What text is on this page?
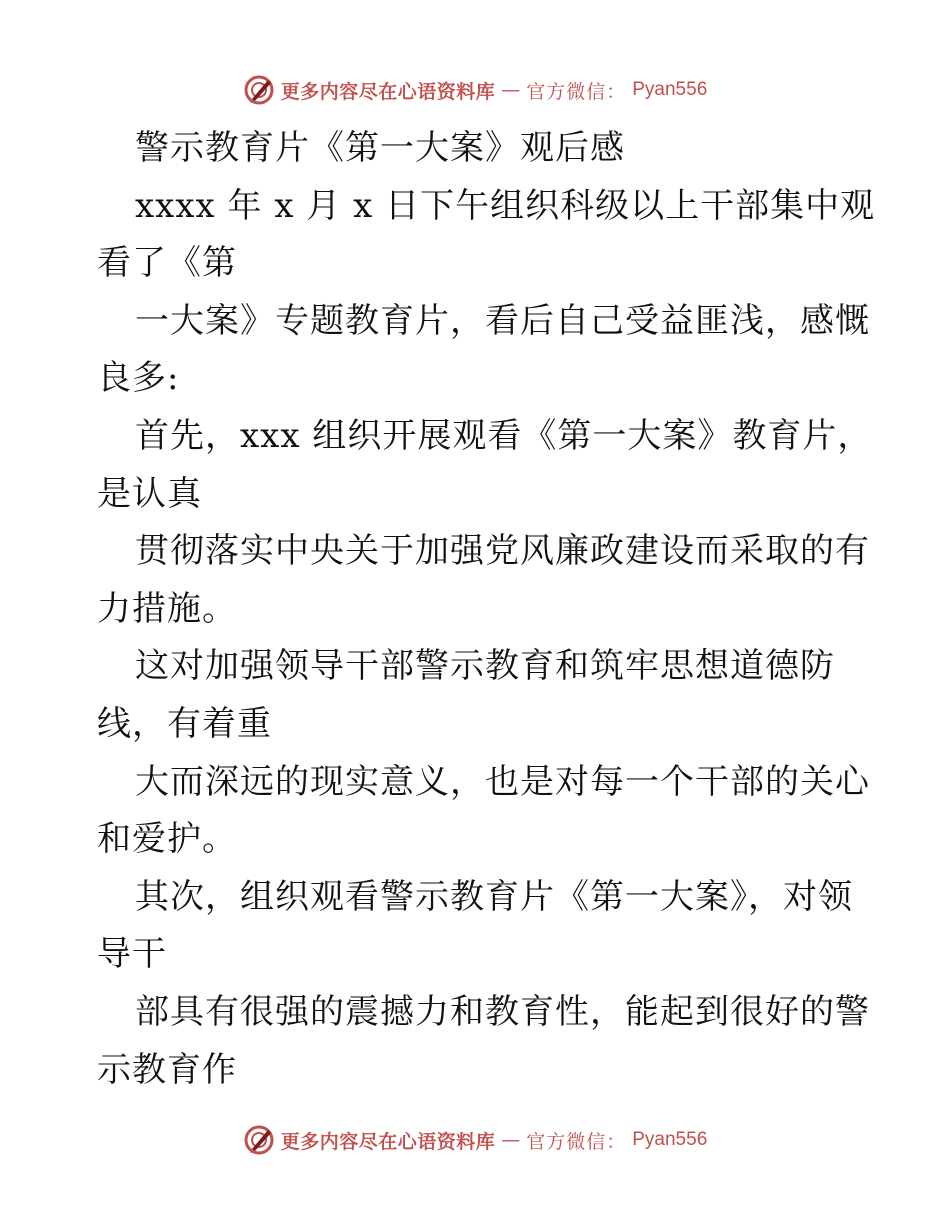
更多内容尽在心语资料库 — 官方微信： Pyan556
警示教育片《第一大案》观后感
xxxx 年 x 月 x 日下午组织科级以上干部集中观
看了《第
一大案》专题教育片，看后自己受益匪浅，感慨
良多:
首先，xxx 组织开展观看《第一大案》教育片，
是认真
贯彻落实中央关于加强党风廉政建设而采取的有
力措施。
这对加强领导干部警示教育和筑牢思想道德防
线，有着重
大而深远的现实意义，也是对每一个干部的关心
和爱护。
其次，组织观看警示教育片《第一大案》，对领
导干
部具有很强的震撼力和教育性，能起到很好的警
示教育作
更多内容尽在心语资料库 — 官方微信： Pyan556
